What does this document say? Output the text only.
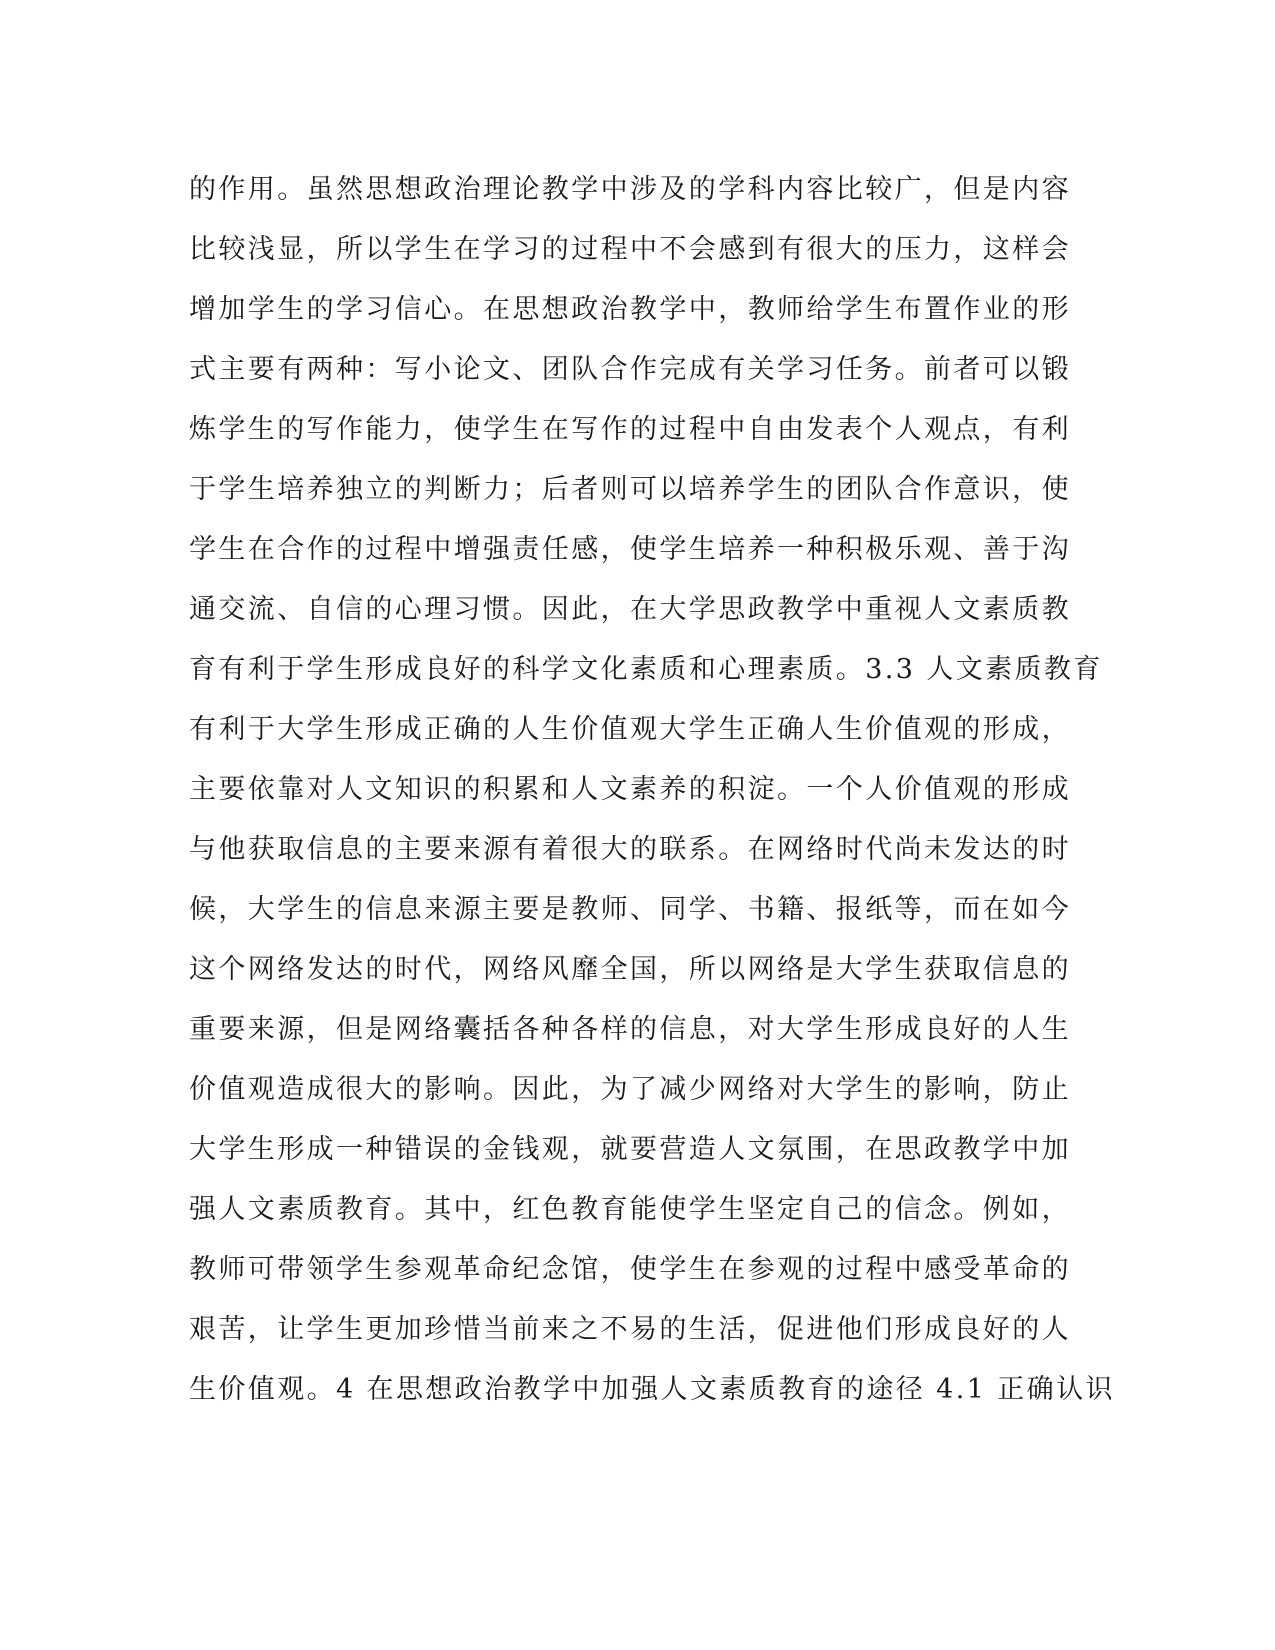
的作用。虽然思想政治理论教学中涉及的学科内容比较广，但是内容
比较浅显，所以学生在学习的过程中不会感到有很大的压力，这样会
增加学生的学习信心。在思想政治教学中，教师给学生布置作业的形
式主要有两种：写小论文、团队合作完成有关学习任务。前者可以锻
炼学生的写作能力，使学生在写作的过程中自由发表个人观点，有利
于学生培养独立的判断力；后者则可以培养学生的团队合作意识，使
学生在合作的过程中增强责任感，使学生培养一种积极乐观、善于沟
通交流、自信的心理习惯。因此，在大学思政教学中重视人文素质教
育有利于学生形成良好的科学文化素质和心理素质。3.3 人文素质教育
有利于大学生形成正确的人生价值观大学生正确人生价值观的形成，
主要依靠对人文知识的积累和人文素养的积淀。一个人价值观的形成
与他获取信息的主要来源有着很大的联系。在网络时代尚未发达的时
候，大学生的信息来源主要是教师、同学、书籍、报纸等，而在如今
这个网络发达的时代，网络风靡全国，所以网络是大学生获取信息的
重要来源，但是网络囊括各种各样的信息，对大学生形成良好的人生
价值观造成很大的影响。因此，为了减少网络对大学生的影响，防止
大学生形成一种错误的金钱观，就要营造人文氛围，在思政教学中加
强人文素质教育。其中，红色教育能使学生坚定自己的信念。例如，
教师可带领学生参观革命纪念馆，使学生在参观的过程中感受革命的
艰苦，让学生更加珍惜当前来之不易的生活，促进他们形成良好的人
生价值观。4 在思想政治教学中加强人文素质教育的途径 4.1 正确认识
